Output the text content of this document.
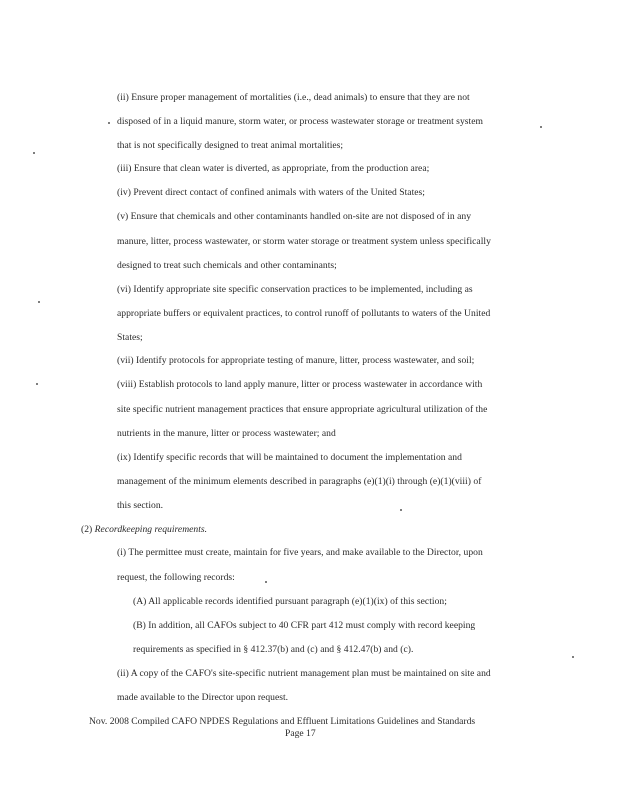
(ii) Ensure proper management of mortalities (i.e., dead animals) to ensure that they are not
disposed of in a liquid manure, storm water, or process wastewater storage or treatment system
that is not specifically designed to treat animal mortalities;
(iii) Ensure that clean water is diverted, as appropriate, from the production area;
(iv) Prevent direct contact of confined animals with waters of the United States;
(v) Ensure that chemicals and other contaminants handled on-site are not disposed of in any
manure, litter, process wastewater, or storm water storage or treatment system unless specifically
designed to treat such chemicals and other contaminants;
(vi) Identify appropriate site specific conservation practices to be implemented, including as
appropriate buffers or equivalent practices, to control runoff of pollutants to waters of the United
States;
(vii) Identify protocols for appropriate testing of manure, litter, process wastewater, and soil;
(viii) Establish protocols to land apply manure, litter or process wastewater in accordance with
site specific nutrient management practices that ensure appropriate agricultural utilization of the
nutrients in the manure, litter or process wastewater; and
(ix) Identify specific records that will be maintained to document the implementation and
management of the minimum elements described in paragraphs (e)(1)(i) through (e)(1)(viii) of
this section.
(2) Recordkeeping requirements.
(i) The permittee must create, maintain for five years, and make available to the Director, upon
request, the following records:
(A) All applicable records identified pursuant paragraph (e)(1)(ix) of this section;
(B) In addition, all CAFOs subject to 40 CFR part 412 must comply with record keeping
requirements as specified in § 412.37(b) and (c) and § 412.47(b) and (c).
(ii) A copy of the CAFO's site-specific nutrient management plan must be maintained on site and
made available to the Director upon request.
Nov. 2008 Compiled CAFO NPDES Regulations and Effluent Limitations Guidelines and Standards
Page 17
